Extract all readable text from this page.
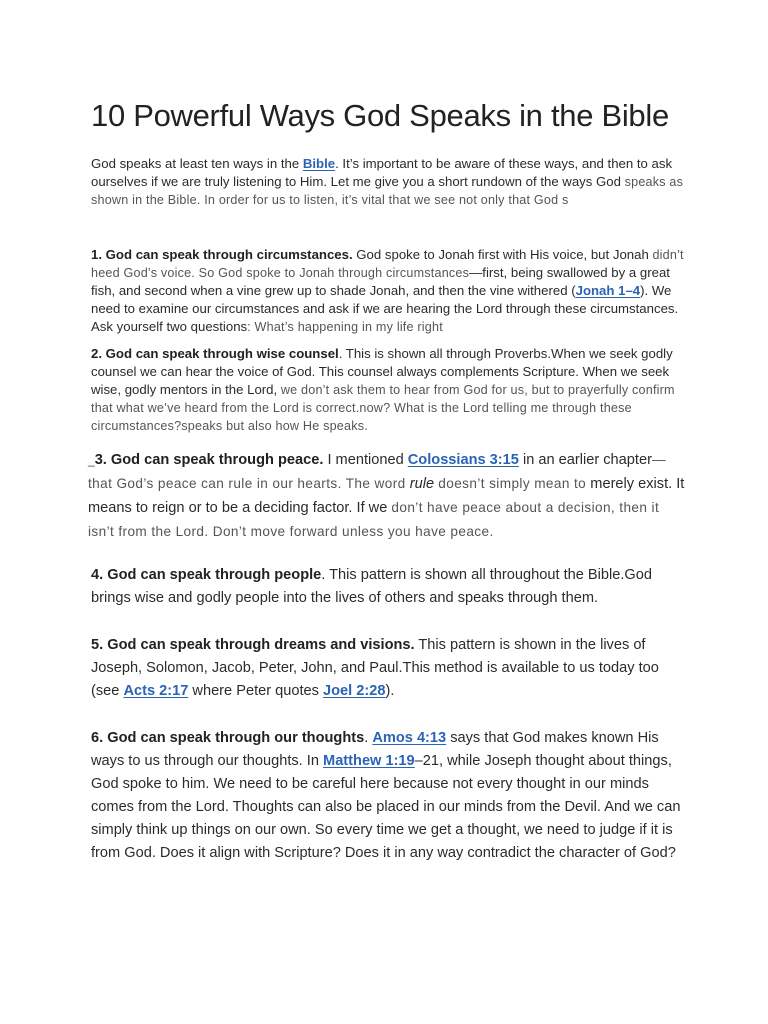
10 Powerful Ways God Speaks in the Bible

God speaks at least ten ways in the Bible. It’s important to be aware of these ways, and then to ask ourselves if we are truly listening to Him. Let me give you a short rundown of the ways God speaks as shown in the Bible. In order for us to listen, it’s vital that we see not only that God s

1. God can speak through circumstances. God spoke to Jonah first with His voice, but Jonah didn’t heed God’s voice. So God spoke to Jonah through circumstances—first, being swallowed by a great fish, and second when a vine grew up to shade Jonah, and then the vine withered (Jonah 1–4). We need to examine our circumstances and ask if we are hearing the Lord through these circumstances. Ask yourself two questions: What’s happening in my life right

2. God can speak through wise counsel. This is shown all through Proverbs.When we seek godly counsel we can hear the voice of God. This counsel always complements Scripture. When we seek wise, godly mentors in the Lord, we don’t ask them to hear from God for us, but to prayerfully confirm that what we’ve heard from the Lord is correct.now? What is the Lord telling me through these circumstances?speaks but also how He speaks.

_3. God can speak through peace. I mentioned Colossians 3:15 in an earlier chapter—that God’s peace can rule in our hearts. The word rule doesn’t simply mean to merely exist. It means to reign or to be a deciding factor. If we don’t have peace about a decision, then it isn’t from the Lord. Don’t move forward unless you have peace.

4. God can speak through people. This pattern is shown all throughout the Bible.God brings wise and godly people into the lives of others and speaks through them.

5. God can speak through dreams and visions. This pattern is shown in the lives of Joseph, Solomon, Jacob, Peter, John, and Paul.This method is available to us today too (see Acts 2:17 where Peter quotes Joel 2:28).

6. God can speak through our thoughts. Amos 4:13 says that God makes known His ways to us through our thoughts. In Matthew 1:19–21, while Joseph thought about things, God spoke to him. We need to be careful here because not every thought in our minds comes from the Lord. Thoughts can also be placed in our minds from the Devil. And we can simply think up things on our own. So every time we get a thought, we need to judge if it is from God. Does it align with Scripture? Does it in any way contradict the character of God?
